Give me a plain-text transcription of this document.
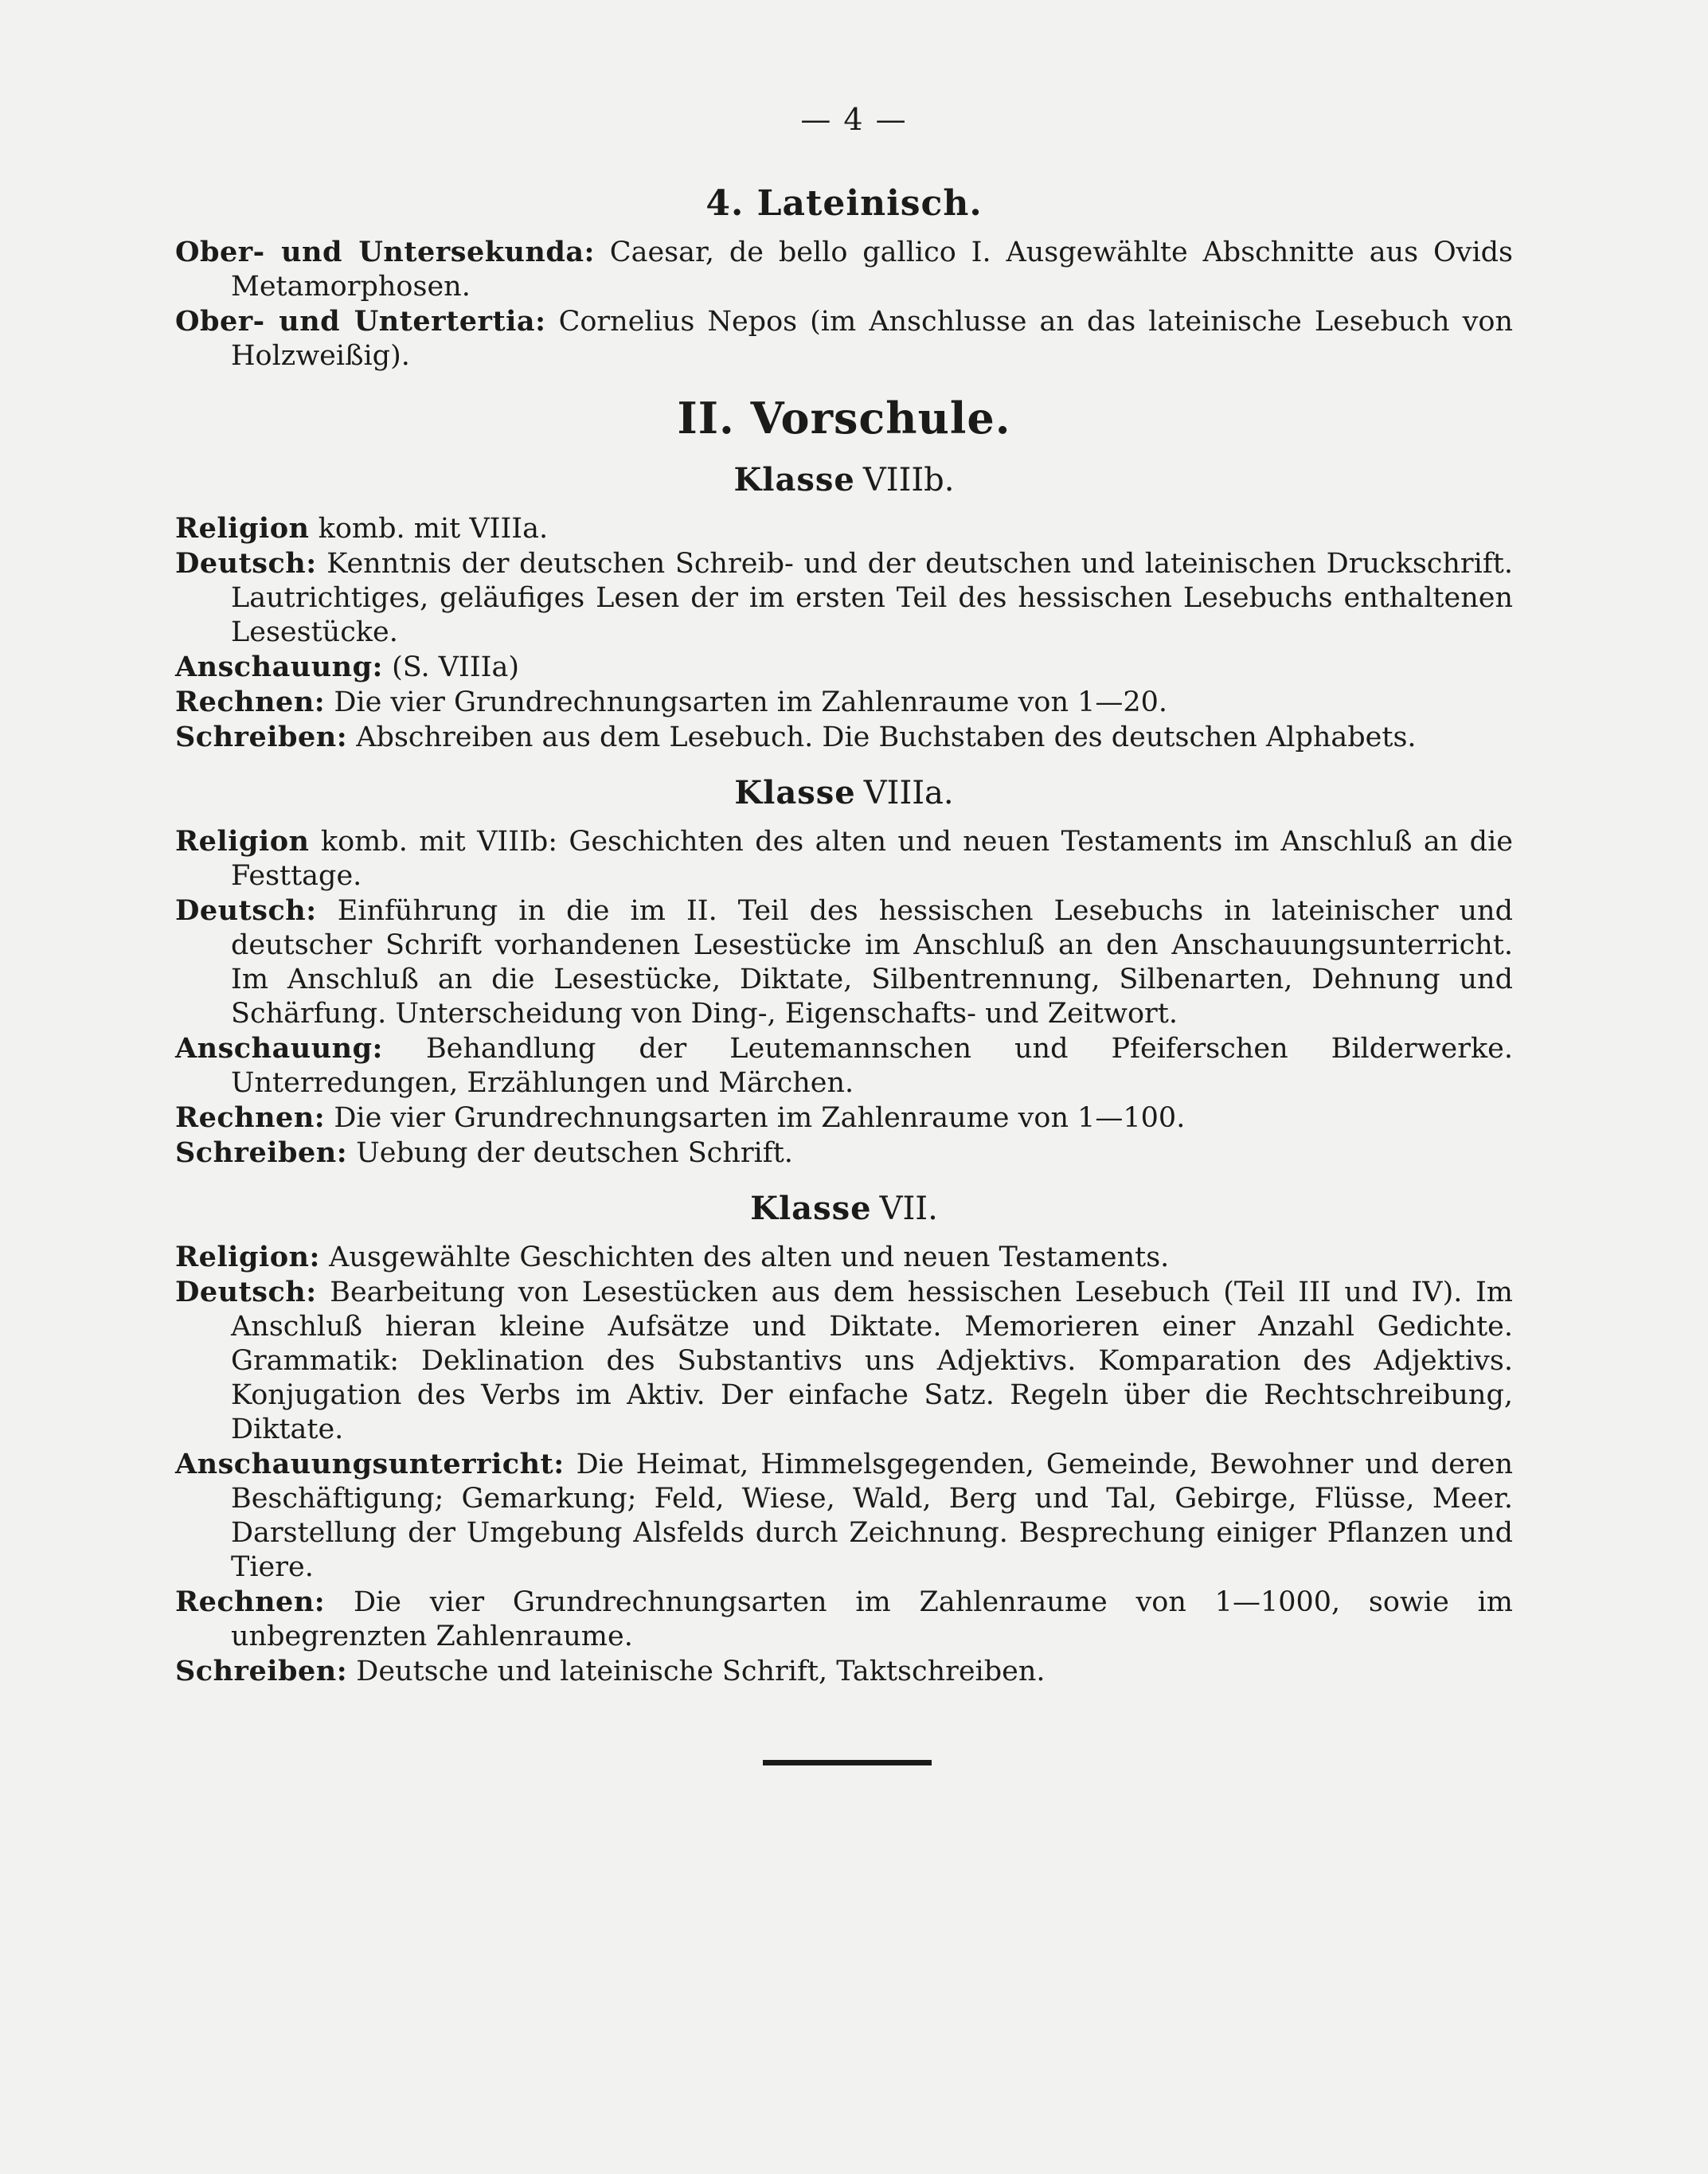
— 4 —
4. Lateinisch.
Ober- und Untersekunda: Caesar, de bello gallico I. Ausgewählte Abschnitte aus Ovids Metamorphosen.
Ober- und Untertertia: Cornelius Nepos (im Anschlusse an das lateinische Lesebuch von Holzweißig).
II. Vorschule.
Klasse VIIIb.
Religion komb. mit VIIIa.
Deutsch: Kenntnis der deutschen Schreib- und der deutschen und lateinischen Druckschrift. Lautrichtiges, geläufiges Lesen der im ersten Teil des hessischen Lesebuchs enthaltenen Lesestücke.
Anschauung: (S. VIIIa)
Rechnen: Die vier Grundrechnungsarten im Zahlenraume von 1—20.
Schreiben: Abschreiben aus dem Lesebuch. Die Buchstaben des deutschen Alphabets.
Klasse VIIIa.
Religion komb. mit VIIIb: Geschichten des alten und neuen Testaments im Anschluß an die Festtage.
Deutsch: Einführung in die im II. Teil des hessischen Lesebuchs in lateinischer und deutscher Schrift vorhandenen Lesestücke im Anschluß an den Anschauungsunterricht. Im Anschluß an die Lesestücke, Diktate, Silbentrennung, Silbenarten, Dehnung und Schärfung. Unterscheidung von Ding-, Eigenschafts- und Zeitwort.
Anschauung: Behandlung der Leutemannschen und Pfeiferschen Bilderwerke. Unterredungen, Erzählungen und Märchen.
Rechnen: Die vier Grundrechnungsarten im Zahlenraume von 1—100.
Schreiben: Uebung der deutschen Schrift.
Klasse VII.
Religion: Ausgewählte Geschichten des alten und neuen Testaments.
Deutsch: Bearbeitung von Lesestücken aus dem hessischen Lesebuch (Teil III und IV). Im Anschluß hieran kleine Aufsätze und Diktate. Memorieren einer Anzahl Gedichte. Grammatik: Deklination des Substantivs uns Adjektivs. Komparation des Adjektivs. Konjugation des Verbs im Aktiv. Der einfache Satz. Regeln über die Rechtschreibung, Diktate.
Anschauungsunterricht: Die Heimat, Himmelsgegenden, Gemeinde, Bewohner und deren Beschäftigung; Gemarkung; Feld, Wiese, Wald, Berg und Tal, Gebirge, Flüsse, Meer. Darstellung der Umgebung Alsfelds durch Zeichnung. Besprechung einiger Pflanzen und Tiere.
Rechnen: Die vier Grundrechnungsarten im Zahlenraume von 1—1000, sowie im unbegrenzten Zahlenraume.
Schreiben: Deutsche und lateinische Schrift, Taktschreiben.
